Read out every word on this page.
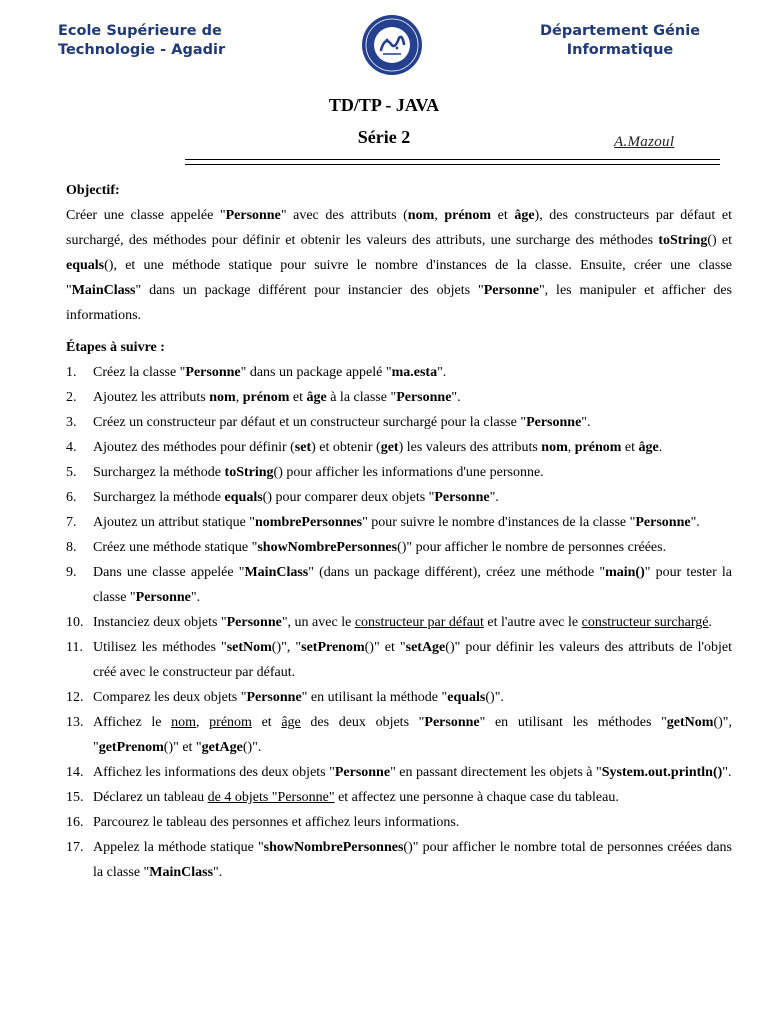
Ecole Supérieure de
Technologie - Agadir
Département Génie
Informatique
TD/TP - JAVA
Série 2	A.Mazoul
Objectif:

Créer une classe appelée "Personne" avec des attributs (nom, prénom et âge), des constructeurs par défaut et surchargé, des méthodes pour définir et obtenir les valeurs des attributs, une surcharge des méthodes toString() et equals(), et une méthode statique pour suivre le nombre d'instances de la classe. Ensuite, créer une classe "MainClass" dans un package différent pour instancier des objets "Personne", les manipuler et afficher des informations.

Étapes à suivre :
1. Créez la classe "Personne" dans un package appelé "ma.esta".
2. Ajoutez les attributs nom, prénom et âge à la classe "Personne".
3. Créez un constructeur par défaut et un constructeur surchargé pour la classe "Personne".
4. Ajoutez des méthodes pour définir (set) et obtenir (get) les valeurs des attributs nom, prénom et âge.
5. Surchargez la méthode toString() pour afficher les informations d'une personne.
6. Surchargez la méthode equals() pour comparer deux objets "Personne".
7. Ajoutez un attribut statique "nombrePersonnes" pour suivre le nombre d'instances de la classe "Personne".
8. Créez une méthode statique "showNombrePersonnes()" pour afficher le nombre de personnes créées.
9. Dans une classe appelée "MainClass" (dans un package différent), créez une méthode "main()" pour tester la classe "Personne".
10. Instanciez deux objets "Personne", un avec le constructeur par défaut et l'autre avec le constructeur surchargé.
11. Utilisez les méthodes "setNom()", "setPrenom()" et "setAge()" pour définir les valeurs des attributs de l'objet créé avec le constructeur par défaut.
12. Comparez les deux objets "Personne" en utilisant la méthode "equals()".
13. Affichez le nom, prénom et âge des deux objets "Personne" en utilisant les méthodes "getNom()", "getPrenom()" et "getAge()".
14. Affichez les informations des deux objets "Personne" en passant directement les objets à "System.out.println()".
15. Déclarez un tableau de 4 objets "Personne" et affectez une personne à chaque case du tableau.
16. Parcourez le tableau des personnes et affichez leurs informations.
17. Appelez la méthode statique "showNombrePersonnes()" pour afficher le nombre total de personnes créées dans la classe "MainClass".
